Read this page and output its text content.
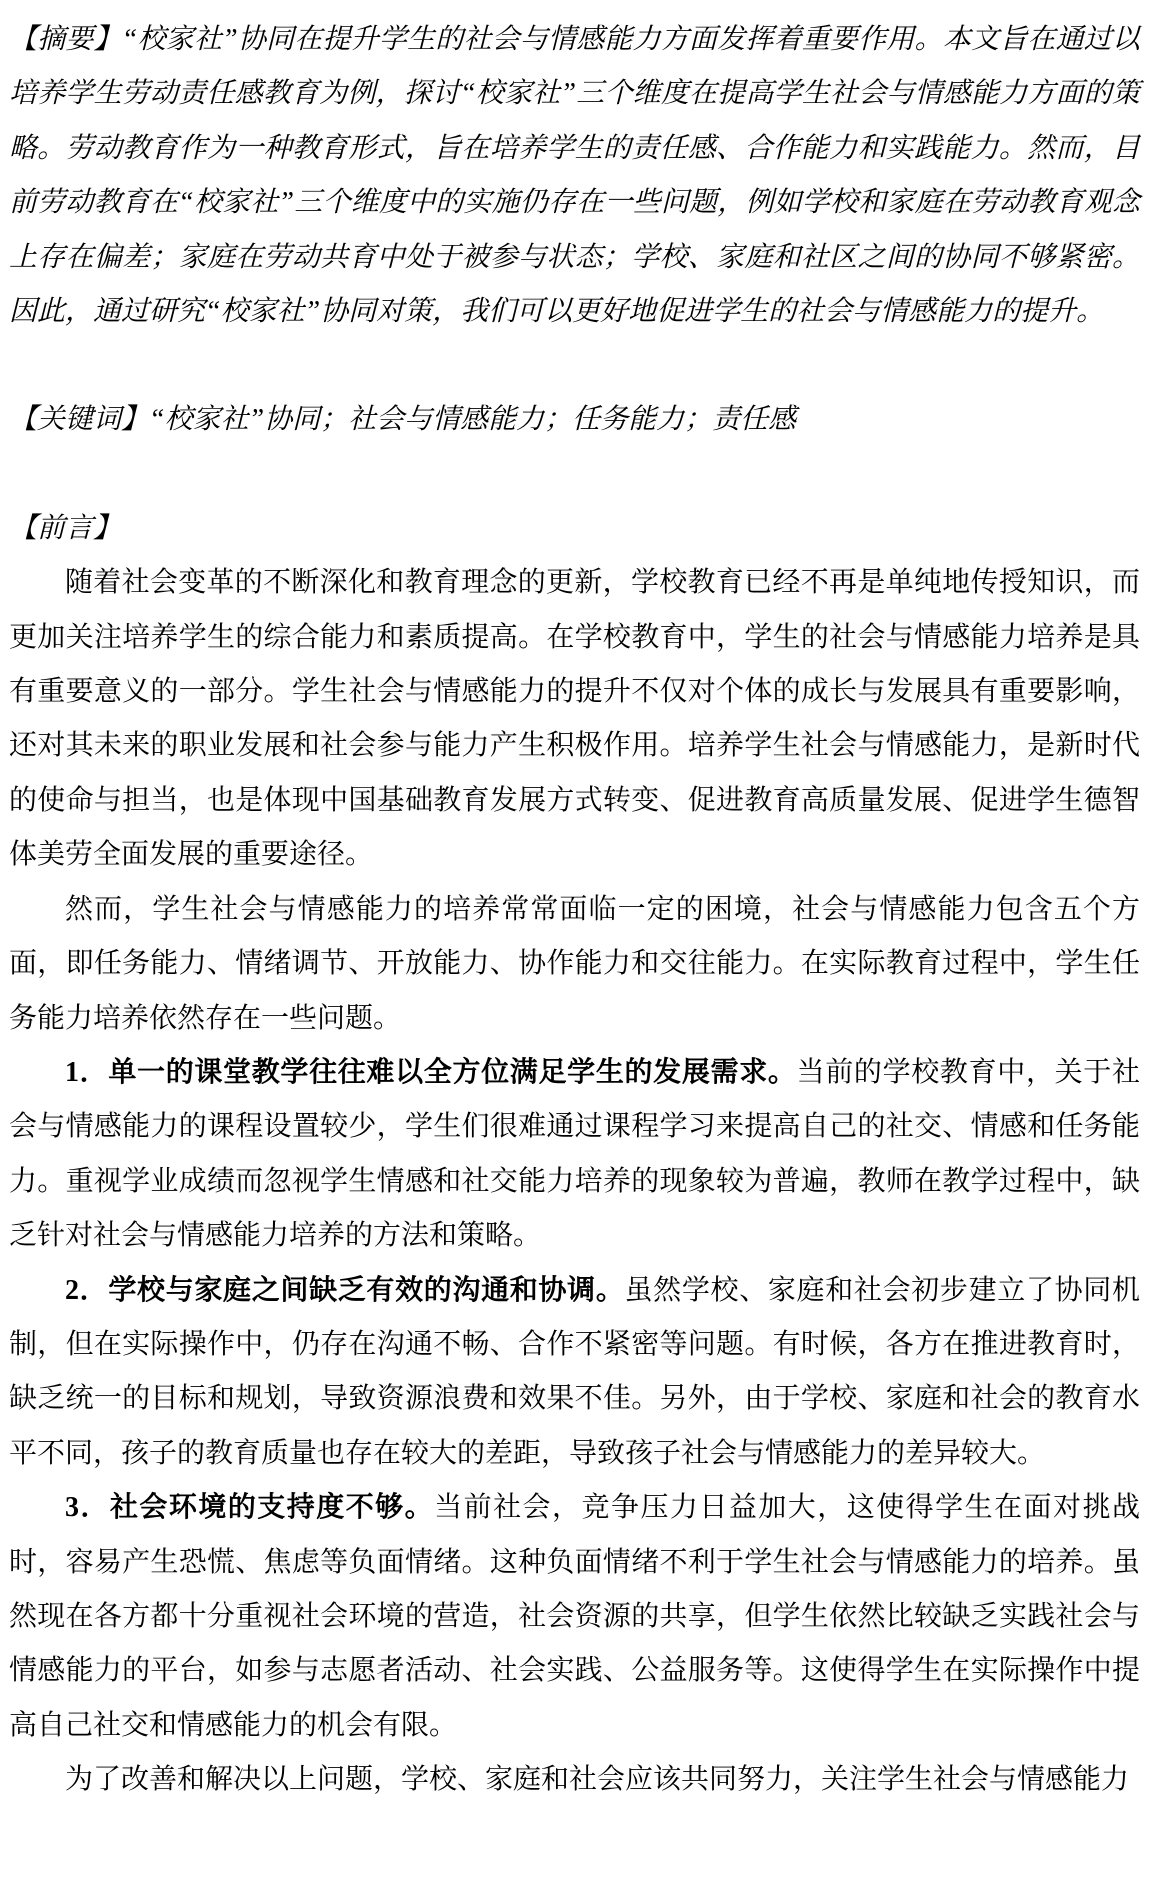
【摘要】“校家社”协同在提升学生的社会与情感能力方面发挥着重要作用。本文旨在通过以培养学生劳动责任感教育为例，探讨“校家社”三个维度在提高学生社会与情感能力方面的策略。劳动教育作为一种教育形式，旨在培养学生的责任感、合作能力和实践能力。然而，目前劳动教育在“校家社”三个维度中的实施仍存在一些问题，例如学校和家庭在劳动教育观念上存在偏差；家庭在劳动共育中处于被参与状态；学校、家庭和社区之间的协同不够紧密。因此，通过研究“校家社”协同对策，我们可以更好地促进学生的社会与情感能力的提升。

【关键词】“校家社”协同；社会与情感能力；任务能力；责任感

【前言】

随着社会变革的不断深化和教育理念的更新，学校教育已经不再是单纯地传授知识，而更加关注培养学生的综合能力和素质提高。在学校教育中，学生的社会与情感能力培养是具有重要意义的一部分。学生社会与情感能力的提升不仅对个体的成长与发展具有重要影响，还对其未来的职业发展和社会参与能力产生积极作用。培养学生社会与情感能力，是新时代的使命与担当，也是体现中国基础教育发展方式转变、促进教育高质量发展、促进学生德智体美劳全面发展的重要途径。

然而，学生社会与情感能力的培养常常面临一定的困境，社会与情感能力包含五个方面，即任务能力、情绪调节、开放能力、协作能力和交往能力。在实际教育过程中，学生任务能力培养依然存在一些问题。

1．单一的课堂教学往往难以全方位满足学生的发展需求。当前的学校教育中，关于社会与情感能力的课程设置较少，学生们很难通过课程学习来提高自己的社交、情感和任务能力。重视学业成绩而忽视学生情感和社交能力培养的现象较为普遍，教师在教学过程中，缺乏针对社会与情感能力培养的方法和策略。

2．学校与家庭之间缺乏有效的沟通和协调。虽然学校、家庭和社会初步建立了协同机制，但在实际操作中，仍存在沟通不畅、合作不紧密等问题。有时候，各方在推进教育时，缺乏统一的目标和规划，导致资源浪费和效果不佳。另外，由于学校、家庭和社会的教育水平不同，孩子的教育质量也存在较大的差距，导致孩子社会与情感能力的差异较大。

3．社会环境的支持度不够。当前社会，竞争压力日益加大，这使得学生在面对挑战时，容易产生恐慌、焦虑等负面情绪。这种负面情绪不利于学生社会与情感能力的培养。虽然现在各方都十分重视社会环境的营造，社会资源的共享，但学生依然比较缺乏实践社会与情感能力的平台，如参与志愿者活动、社会实践、公益服务等。这使得学生在实际操作中提高自己社交和情感能力的机会有限。

为了改善和解决以上问题，学校、家庭和社会应该共同努力，关注学生社会与情感能力
